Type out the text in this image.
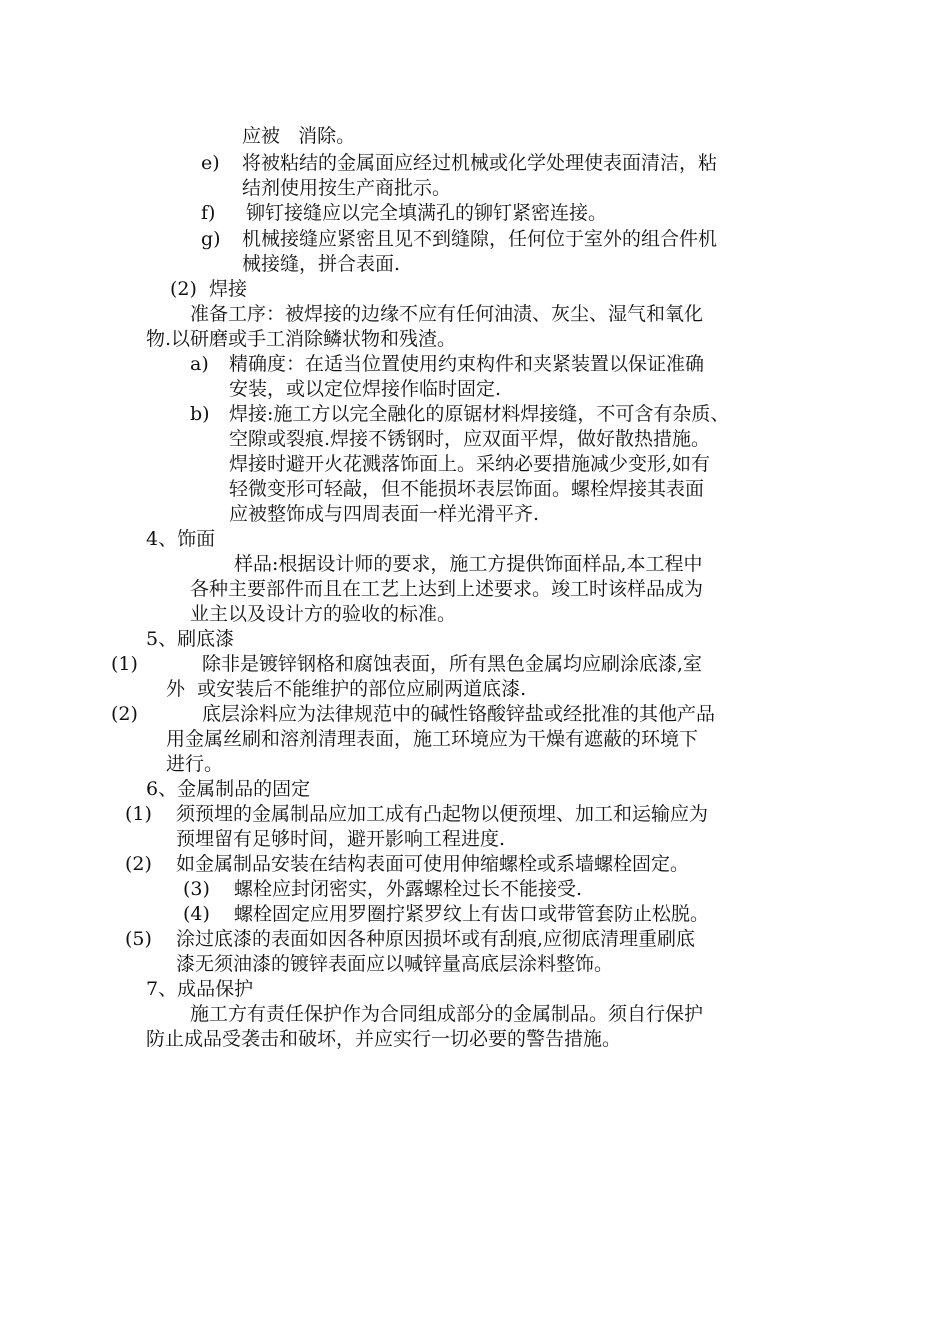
应被   消除。
e) 将被粘结的金属面应经过机械或化学处理使表面清洁，粘
结剂使用按生产商批示。
f) 铆钉接缝应以完全填满孔的铆钉紧密连接。
g) 机械接缝应紧密且见不到缝隙，任何位于室外的组合件机
械接缝，拼合表面.
(2)  焊接
准备工序：被焊接的边缘不应有任何油渍、灰尘、湿气和氧化
物.以研磨或手工消除鳞状物和残渣。
a) 精确度：在适当位置使用约束构件和夹紧装置以保证准确
安装，或以定位焊接作临时固定.
b) 焊接:施工方以完全融化的原锯材料焊接缝，不可含有杂质、
空隙或裂痕.焊接不锈钢时，应双面平焊，做好散热措施。
焊接时避开火花溅落饰面上。采纳必要措施减少变形,如有
轻微变形可轻敲，但不能损坏表层饰面。螺栓焊接其表面
应被整饰成与四周表面一样光滑平齐.
4、饰面
样品:根据设计师的要求，施工方提供饰面样品,本工程中
各种主要部件而且在工艺上达到上述要求。竣工时该样品成为
业主以及设计方的验收的标准。
5、刷底漆
(1)	除非是镀锌钢格和腐蚀表面，所有黑色金属均应刷涂底漆,室
外  或安装后不能维护的部位应刷两道底漆.
(2)	底层涂料应为法律规范中的碱性铬酸锌盐或经批准的其他产品
用金属丝刷和溶剂清理表面，施工环境应为干燥有遮蔽的环境下
进行。
6、金属制品的固定
(1) 须预埋的金属制品应加工成有凸起物以便预埋、加工和运输应为
预埋留有足够时间，避开影响工程进度.
(2) 如金属制品安装在结构表面可使用伸缩螺栓或系墙螺栓固定。
(3) 螺栓应封闭密实，外露螺栓过长不能接受.
(4) 螺栓固定应用罗圈拧紧罗纹上有齿口或带管套防止松脱。
(5) 涂过底漆的表面如因各种原因损坏或有刮痕,应彻底清理重刷底
漆无须油漆的镀锌表面应以喊锌量高底层涂料整饰。
7、成品保护
施工方有责任保护作为合同组成部分的金属制品。须自行保护
防止成品受袭击和破坏，并应实行一切必要的警告措施。
